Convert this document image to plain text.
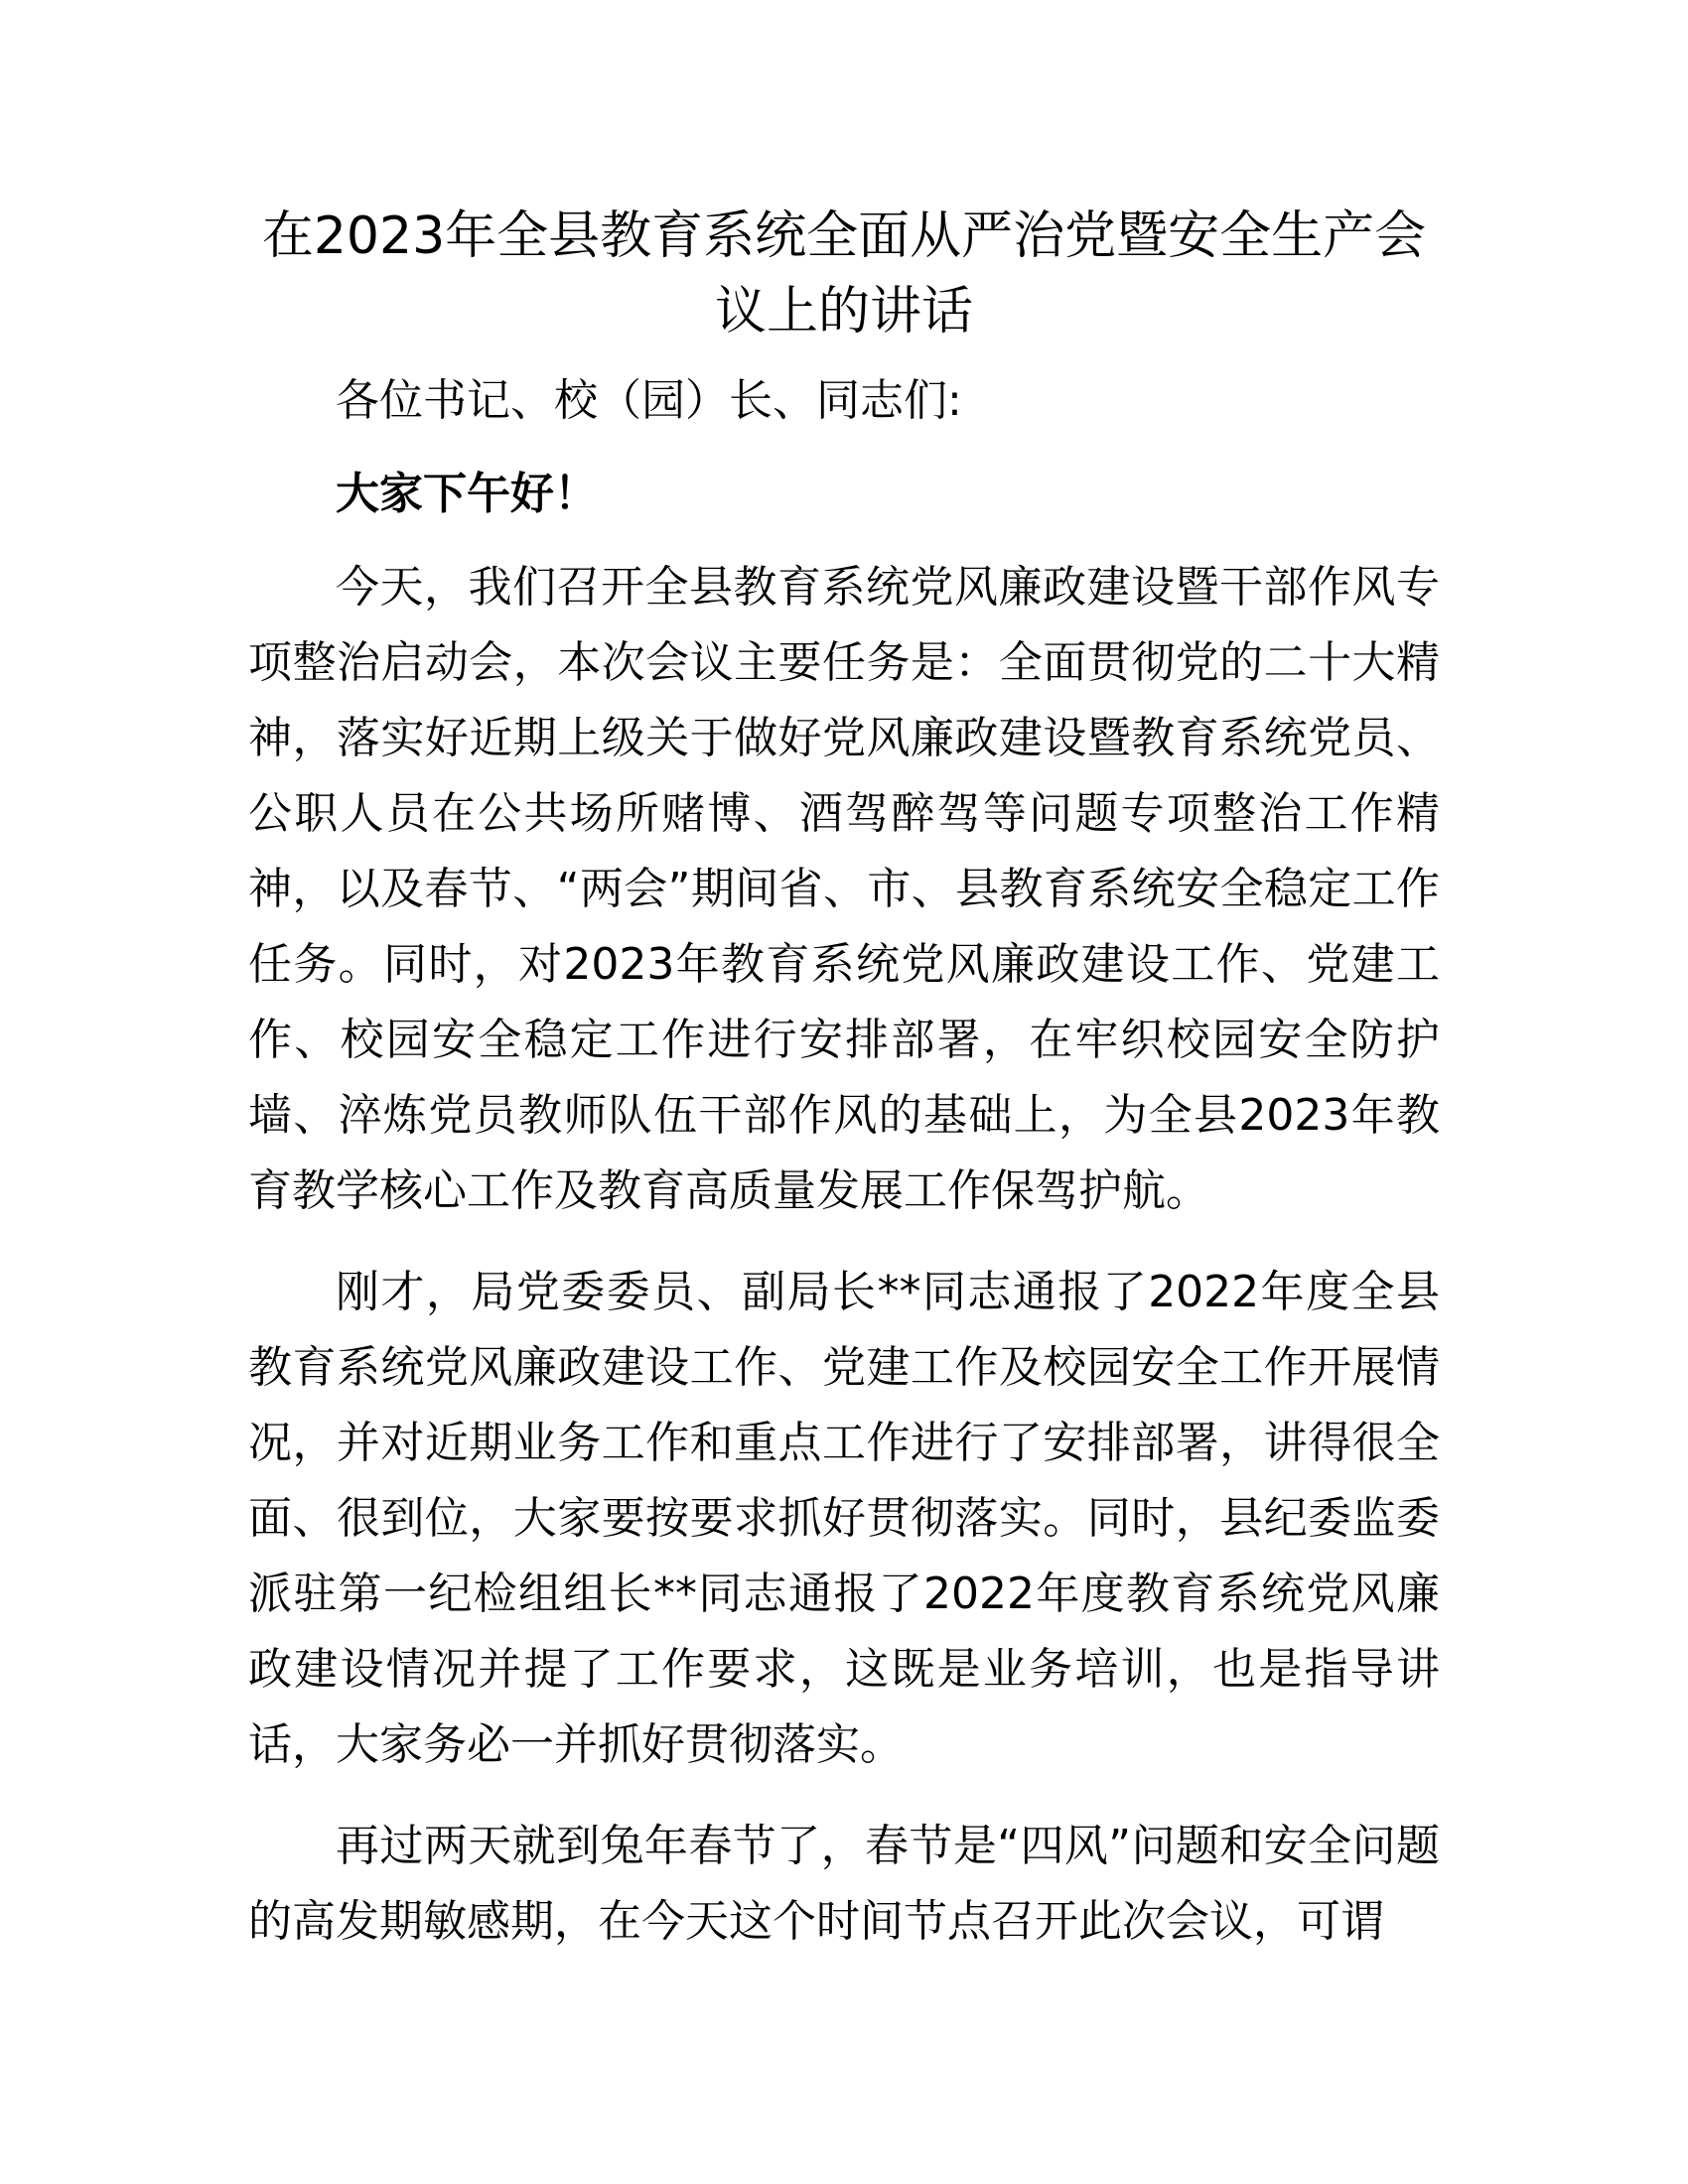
在2023年全县教育系统全面从严治党暨安全生产会议上的讲话

各位书记、校（园）长、同志们:

大家下午好！

今天，我们召开全县教育系统党风廉政建设暨干部作风专项整治启动会，本次会议主要任务是：全面贯彻党的二十大精神，落实好近期上级关于做好党风廉政建设暨教育系统党员、公职人员在公共场所赌博、酒驾醉驾等问题专项整治工作精神，以及春节、“两会”期间省、市、县教育系统安全稳定工作任务。同时，对2023年教育系统党风廉政建设工作、党建工作、校园安全稳定工作进行安排部署，在牢织校园安全防护墙、淬炼党员教师队伍干部作风的基础上，为全县2023年教育教学核心工作及教育高质量发展工作保驾护航。

刚才，局党委委员、副局长**同志通报了2022年度全县教育系统党风廉政建设工作、党建工作及校园安全工作开展情况，并对近期业务工作和重点工作进行了安排部署，讲得很全面、很到位，大家要按要求抓好贯彻落实。同时，县纪委监委派驻第一纪检组组长**同志通报了2022年度教育系统党风廉政建设情况并提了工作要求，这既是业务培训，也是指导讲话，大家务必一并抓好贯彻落实。

再过两天就到兔年春节了，春节是“四风”问题和安全问题的高发期敏感期，在今天这个时间节点召开此次会议，可谓
